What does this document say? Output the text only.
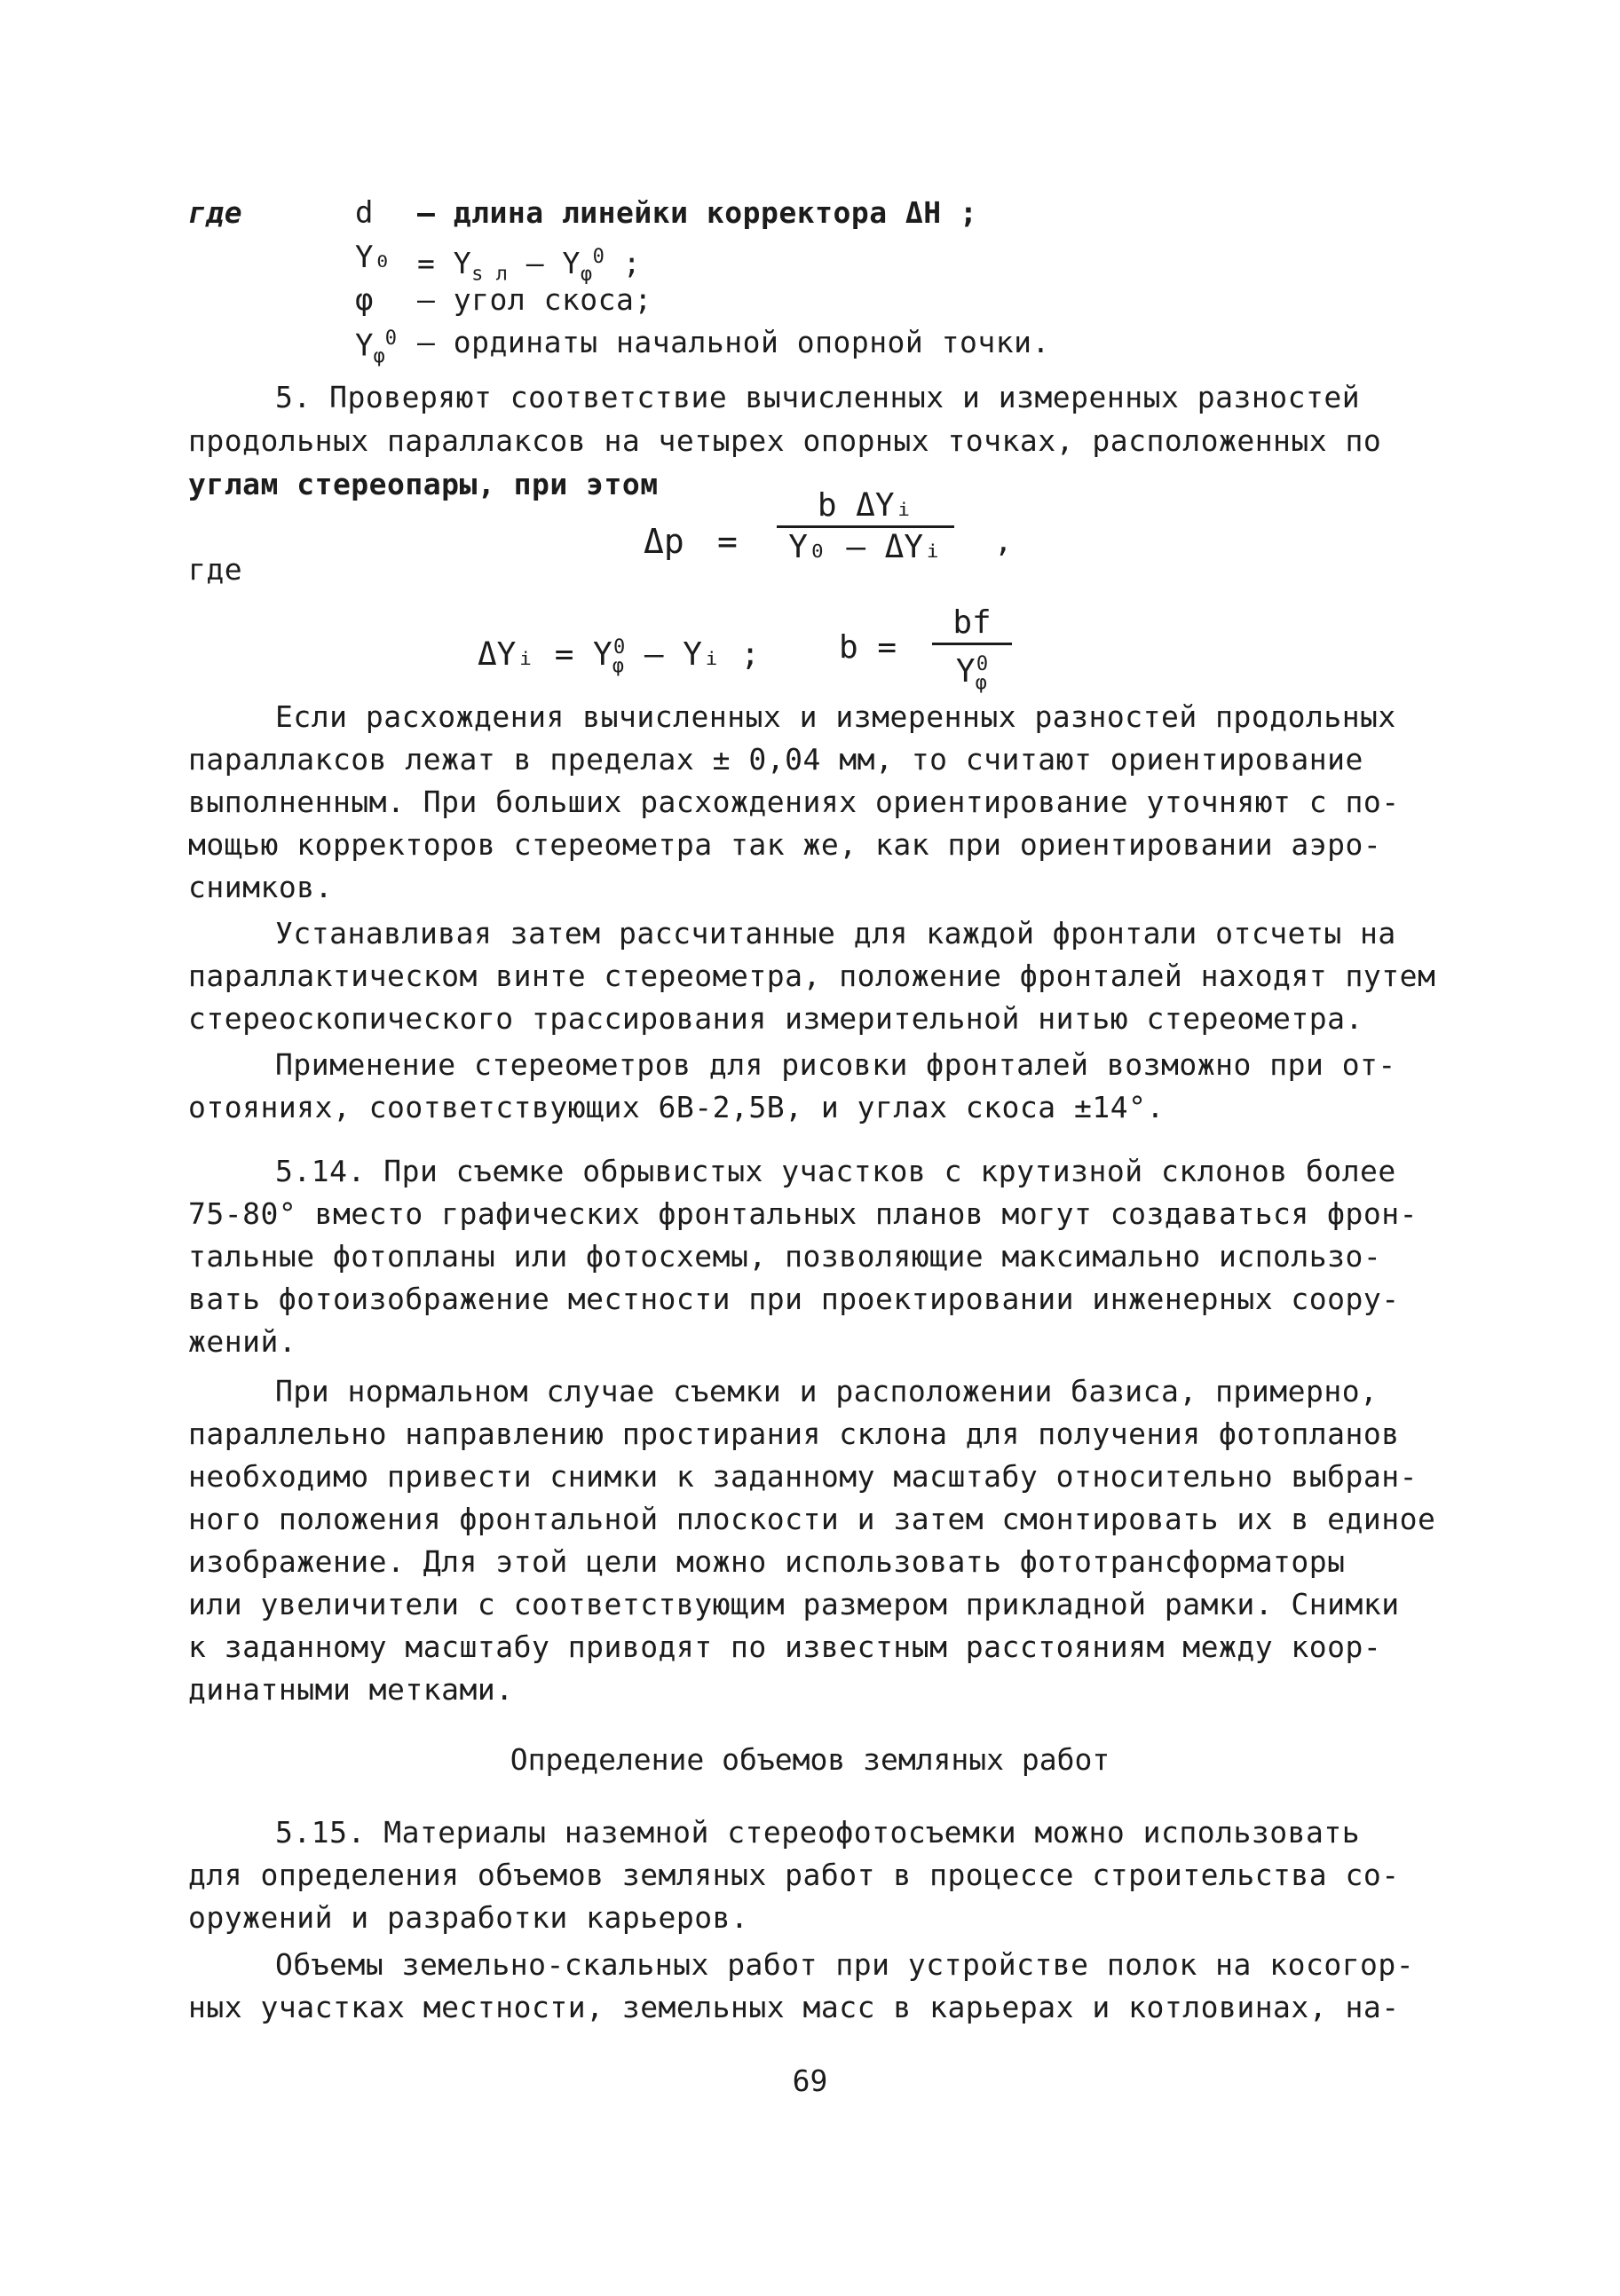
где	d – длина линейки корректора ΔH ;
$Y_0 = Y_{s л} - Y_\varphi^0$ ;
φ – угол скоса;
$Y_\varphi^0$ – ординаты начальной опорной точки.
5. Проверяют соответствие вычисленных и измеренных разностей
продольных параллаксов на четырех опорных точках, расположенных по
углам стереопары, при этом
Δp =
b ΔYᵢ
Y₀ – ΔYᵢ	,
где
ΔYᵢ = $Y_\varphi^0$ – Yᵢ ; $b = \frac{bf}{Y_\varphi^0}$
Если расхождения вычисленных и измеренных разностей продольных
параллаксов лежат в пределах ± 0,04 мм, то считают ориентирование
выполненным. При больших расхождениях ориентирование уточняют с по-
мощью корректоров стереометра так же, как при ориентировании аэро-
снимков.
Устанавливая затем рассчитанные для каждой фронтали отсчеты на
параллактическом винте стереометра, положение фронталей находят путем
стереоскопического трассирования измерительной нитью стереометра.
Применение стереометров для рисовки фронталей возможно при от-
отояниях, соответствующих 6B-2,5B, и углах скоса ±14°.
5.14. При съемке обрывистых участков с крутизной склонов более
75-80° вместо графических фронтальных планов могут создаваться фрон-
тальные фотопланы или фотосхемы, позволяющие максимально использо-
вать фотоизображение местности при проектировании инженерных соору-
жений.
При нормальном случае съемки и расположении базиса, примерно,
параллельно направлению простирания склона для получения фотопланов
необходимо привести снимки к заданному масштабу относительно выбран-
ного положения фронтальной плоскости и затем смонтировать их в единое
изображение. Для этой цели можно использовать фототрансформаторы
или увеличители с соответствующим размером прикладной рамки. Снимки
к заданному масштабу приводят по известным расстояниям между коор-
динатными метками.
Определение объемов земляных работ
5.15. Материалы наземной стереофотосъемки можно использовать
для определения объемов земляных работ в процессе строительства со-
оружений и разработки карьеров.
Объемы земельно-скальных работ при устройстве полок на косогор-
ных участках местности, земельных масс в карьерах и котловинах, на-
69
